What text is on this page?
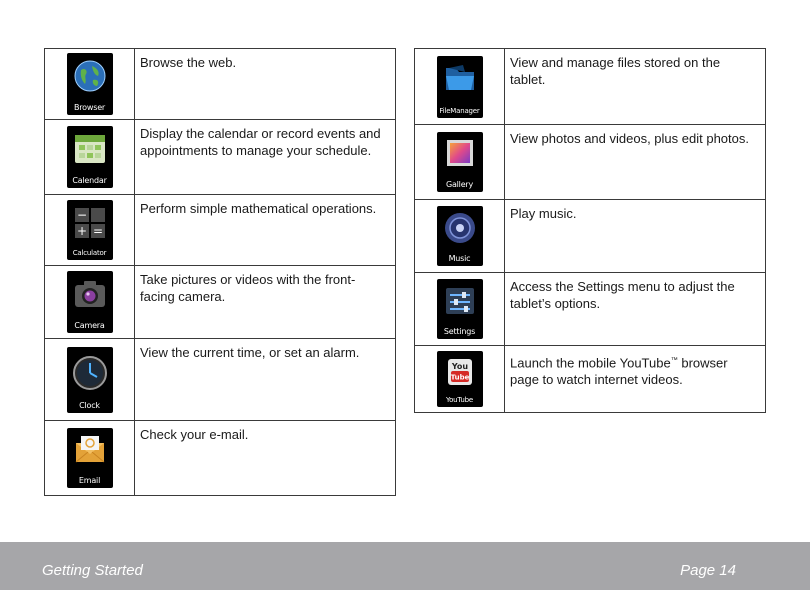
Browser	Browse the web.

Calendar	Display the calendar or record events and appointments to manage your schedule.

−
+ =
Calculator	Perform simple mathematical operations.

Camera	Take pictures or videos with the front-facing camera.

Clock	View the current time, or set an alarm.

Email	Check your e-mail.
FileManager	View and manage files stored on the tablet.

Gallery	View photos and videos, plus edit photos.

Music	Play music.

Settings	Access the Settings menu to adjust the tablet’s options.

You
Tube
YouTube	Launch the mobile YouTube™ browser page to watch internet videos.
Getting Started	Page 14
